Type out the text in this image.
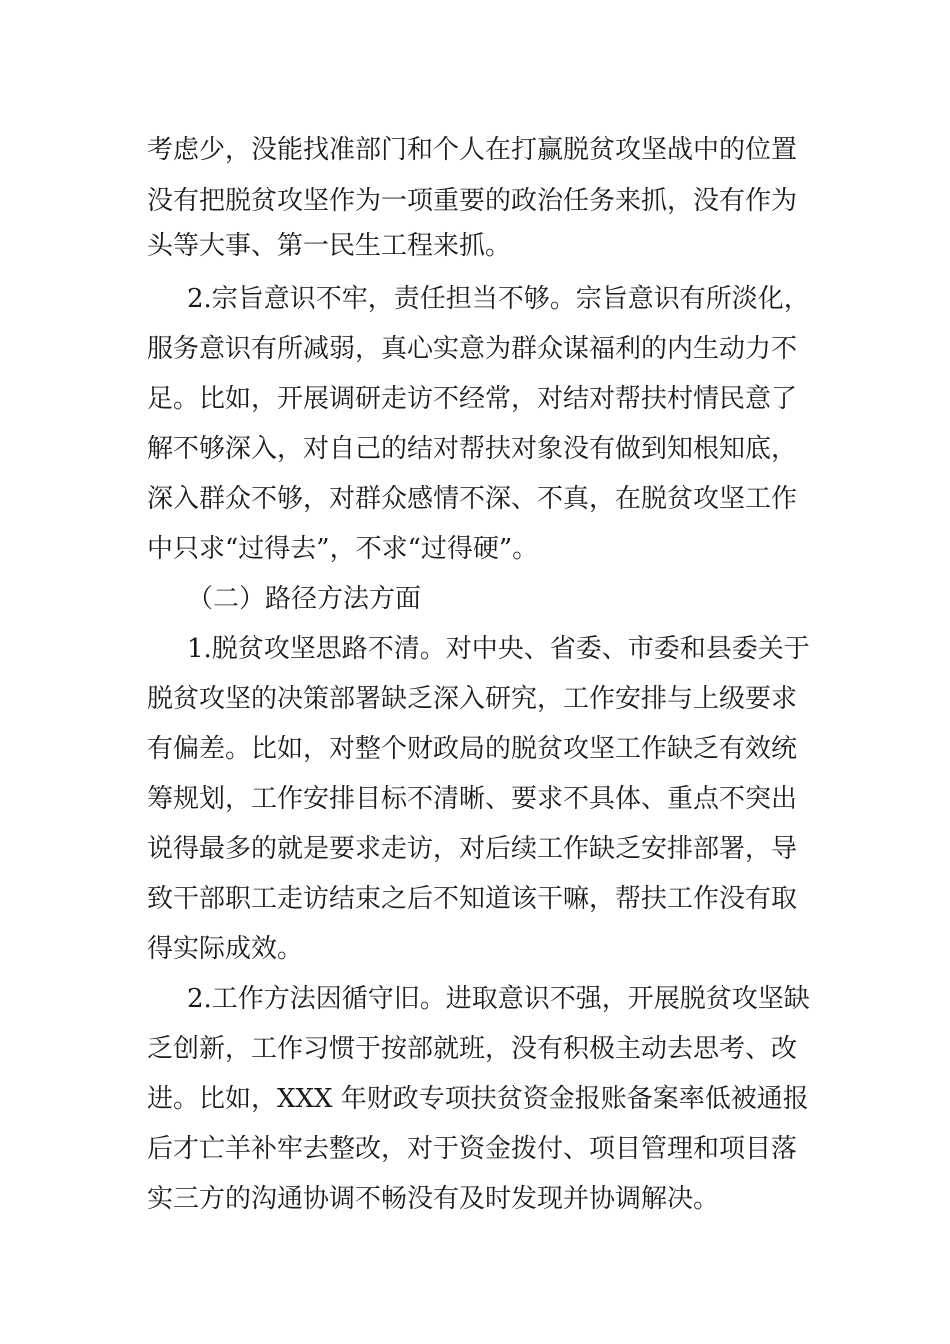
考虑少，没能找准部门和个人在打赢脱贫攻坚战中的位置
没有把脱贫攻坚作为一项重要的政治任务来抓，没有作为
头等大事、第一民生工程来抓。
2.宗旨意识不牢，责任担当不够。宗旨意识有所淡化，
服务意识有所减弱，真心实意为群众谋福利的内生动力不
足。比如，开展调研走访不经常，对结对帮扶村情民意了
解不够深入，对自己的结对帮扶对象没有做到知根知底，
深入群众不够，对群众感情不深、不真，在脱贫攻坚工作
中只求“过得去”，不求“过得硬”。
（二）路径方法方面
1.脱贫攻坚思路不清。对中央、省委、市委和县委关于
脱贫攻坚的决策部署缺乏深入研究，工作安排与上级要求
有偏差。比如，对整个财政局的脱贫攻坚工作缺乏有效统
筹规划，工作安排目标不清晰、要求不具体、重点不突出
说得最多的就是要求走访，对后续工作缺乏安排部署，导
致干部职工走访结束之后不知道该干嘛，帮扶工作没有取
得实际成效。
2.工作方法因循守旧。进取意识不强，开展脱贫攻坚缺
乏创新，工作习惯于按部就班，没有积极主动去思考、改
进。比如，XXX 年财政专项扶贫资金报账备案率低被通报
后才亡羊补牢去整改，对于资金拨付、项目管理和项目落
实三方的沟通协调不畅没有及时发现并协调解决。
